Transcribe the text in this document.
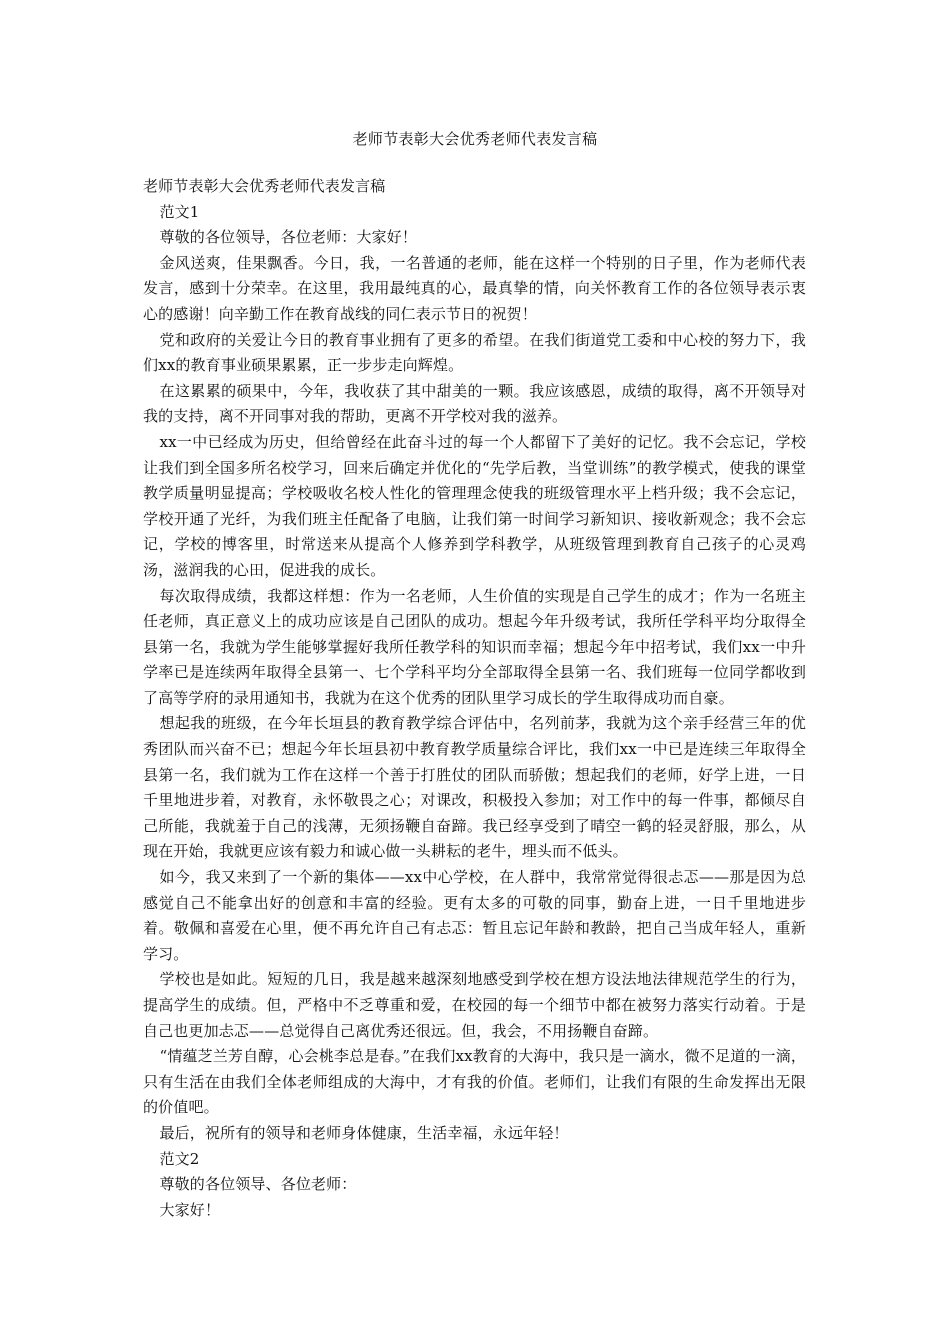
老师节表彰大会优秀老师代表发言稿

老师节表彰大会优秀老师代表发言稿

范文1

尊敬的各位领导，各位老师：大家好！

金风送爽，佳果飘香。今日，我，一名普通的老师，能在这样一个特别的日子里，作为老师代表发言，感到十分荣幸。在这里，我用最纯真的心，最真挚的情，向关怀教育工作的各位领导表示衷心的感谢！向辛勤工作在教育战线的同仁表示节日的祝贺！

党和政府的关爱让今日的教育事业拥有了更多的希望。在我们街道党工委和中心校的努力下，我们xx的教育事业硕果累累，正一步步走向辉煌。

在这累累的硕果中，今年，我收获了其中甜美的一颗。我应该感恩，成绩的取得，离不开领导对我的支持，离不开同事对我的帮助，更离不开学校对我的滋养。

xx一中已经成为历史，但给曾经在此奋斗过的每一个人都留下了美好的记忆。我不会忘记，学校让我们到全国多所名校学习，回来后确定并优化的“先学后教，当堂训练”的教学模式，使我的课堂教学质量明显提高；学校吸收名校人性化的管理理念使我的班级管理水平上档升级；我不会忘记，学校开通了光纤，为我们班主任配备了电脑，让我们第一时间学习新知识、接收新观念；我不会忘记，学校的博客里，时常送来从提高个人修养到学科教学，从班级管理到教育自己孩子的心灵鸡汤，滋润我的心田，促进我的成长。

每次取得成绩，我都这样想：作为一名老师，人生价值的实现是自己学生的成才；作为一名班主任老师，真正意义上的成功应该是自己团队的成功。想起今年升级考试，我所任学科平均分取得全县第一名，我就为学生能够掌握好我所任教学科的知识而幸福；想起今年中招考试，我们xx一中升学率已是连续两年取得全县第一、七个学科平均分全部取得全县第一名、我们班每一位同学都收到了高等学府的录用通知书，我就为在这个优秀的团队里学习成长的学生取得成功而自豪。

想起我的班级，在今年长垣县的教育教学综合评估中，名列前茅，我就为这个亲手经营三年的优秀团队而兴奋不已；想起今年长垣县初中教育教学质量综合评比，我们xx一中已是连续三年取得全县第一名，我们就为工作在这样一个善于打胜仗的团队而骄傲；想起我们的老师，好学上进，一日千里地进步着，对教育，永怀敬畏之心；对课改，积极投入参加；对工作中的每一件事，都倾尽自己所能，我就羞于自己的浅薄，无须扬鞭自奋蹄。我已经享受到了晴空一鹤的轻灵舒服，那么，从现在开始，我就更应该有毅力和诚心做一头耕耘的老牛，埋头而不低头。

如今，我又来到了一个新的集体——xx中心学校，在人群中，我常常觉得很忐忑——那是因为总感觉自己不能拿出好的创意和丰富的经验。更有太多的可敬的同事，勤奋上进，一日千里地进步着。敬佩和喜爱在心里，便不再允许自己有忐忑：暂且忘记年龄和教龄，把自己当成年轻人，重新学习。

学校也是如此。短短的几日，我是越来越深刻地感受到学校在想方设法地法律规范学生的行为，提高学生的成绩。但，严格中不乏尊重和爱，在校园的每一个细节中都在被努力落实行动着。于是自己也更加忐忑——总觉得自己离优秀还很远。但，我会，不用扬鞭自奋蹄。

“情蕴芝兰芳自醇，心会桃李总是春。”在我们xx教育的大海中，我只是一滴水，微不足道的一滴，只有生活在由我们全体老师组成的大海中，才有我的价值。老师们，让我们有限的生命发挥出无限的价值吧。

最后，祝所有的领导和老师身体健康，生活幸福，永远年轻！

范文2

尊敬的各位领导、各位老师：

大家好！
